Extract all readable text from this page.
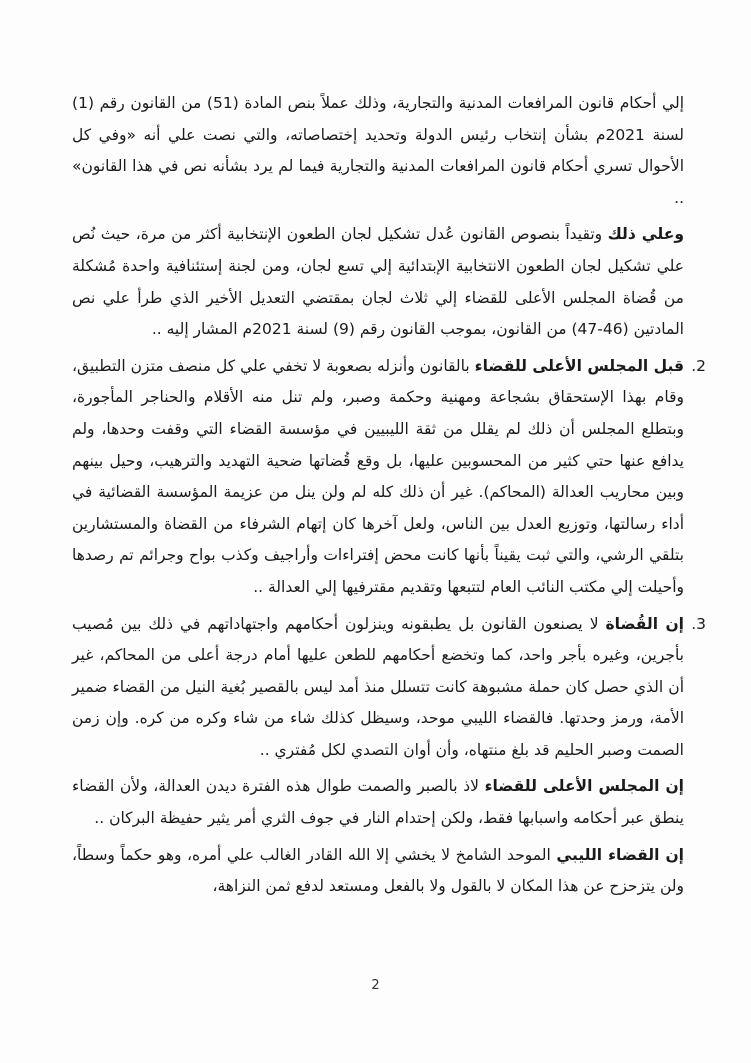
إلي أحكام قانون المرافعات المدنية والتجارية، وذلك عملاً بنص المادة (51) من القانون رقم (1) لسنة 2021م بشأن إنتخاب رئيس الدولة وتحديد إختصاصاته، والتي نصت علي أنه «وفي كل الأحوال تسري أحكام قانون المرافعات المدنية والتجارية فيما لم يرد بشأنه نص في هذا القانون» ..

وعلي ذلك وتقيداً بنصوص القانون عُدل تشكيل لجان الطعون الإنتخابية أكثر من مرة، حيث نُص علي تشكيل لجان الطعون الانتخابية الإبتدائية إلي تسع لجان، ومن لجنة إستئنافية واحدة مُشكلة من قُضاة المجلس الأعلى للقضاء إلي ثلاث لجان بمقتضي التعديل الأخير الذي طرأ علي نص المادتين (46-47) من القانون، بموجب القانون رقم (9) لسنة 2021م المشار إليه ..

.2
قبل المجلس الأعلى للقضاء بالقانون وأنزله بصعوبة لا تخفي علي كل منصف متزن التطبيق، وقام بهذا الإستحقاق بشجاعة ومهنية وحكمة وصبر، ولم تنل منه الأقلام والحناجر المأجورة، وبتطلع المجلس أن ذلك لم يقلل من ثقة الليبيين في مؤسسة القضاء التي وقفت وحدها، ولم يدافع عنها حتي كثير من المحسوبين عليها، بل وقع قُضاتها ضحية التهديد والترهيب، وحيل بينهم وبين محاريب العدالة (المحاكم). غير أن ذلك كله لم ولن ينل من عزيمة المؤسسة القضائية في أداء رسالتها، وتوزيع العدل بين الناس، ولعل آخرها كان إتهام الشرفاء من القضاة والمستشارين بتلقي الرشي، والتي ثبت يقيناً بأنها كانت محض إفتراءات وأراجيف وكذب بواح وجرائم تم رصدها وأحيلت إلي مكتب النائب العام لتتبعها وتقديم مقترفيها إلي العدالة ..

.3
إن القُضاة لا يصنعون القانون بل يطبقونه وينزلون أحكامهم واجتهاداتهم في ذلك بين مُصيب بأجرين، وغيره بأجر واحد، كما وتخضع أحكامهم للطعن عليها أمام درجة أعلى من المحاكم، غير أن الذي حصل كان حملة مشبوهة كانت تتسلل منذ أمد ليس بالقصير بُغية النيل من القضاء ضمير الأمة، ورمز وحدتها. فالقضاء الليبي موحد، وسيظل كذلك شاء من شاء وكره من كره. وإن زمن الصمت وصبر الحليم قد بلغ منتهاه، وأن أوان التصدي لكل مُفتري ..

إن المجلس الأعلى للقضاء لاذ بالصبر والصمت طوال هذه الفترة ديدن العدالة، ولأن القضاء ينطق عبر أحكامه واسبابها فقط، ولكن إحتدام النار في جوف الثري أمر يثير حفيظة البركان ..

إن القضاء الليبي الموحد الشامخ لا يخشي إلا الله القادر الغالب علي أمره، وهو حكماً وسطاً، ولن يتزحزح عن هذا المكان لا بالقول ولا بالفعل ومستعد لدفع ثمن النزاهة،

2
